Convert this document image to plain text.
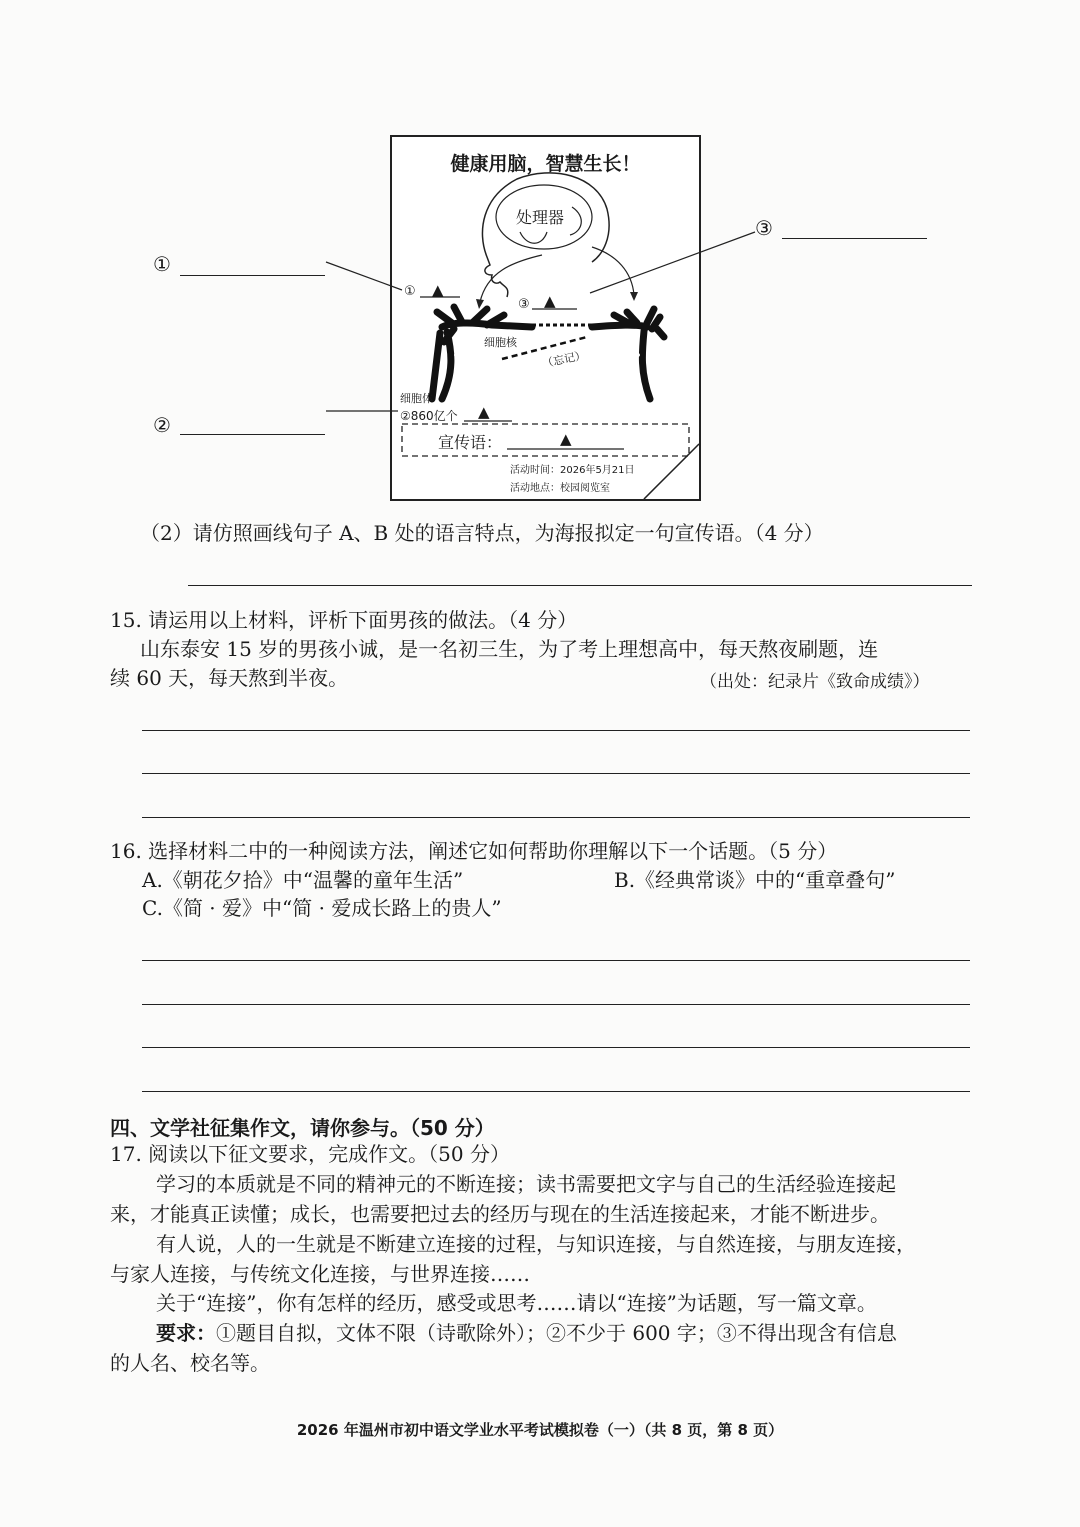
健康用脑，智慧生长！
处理器
① ▲
③ ▲
细胞核
（忘记）
细胞体
②860亿个 ▲
宣传语：	▲
活动时间：2026年5月21日
活动地点：校园阅览室
①
②
③
（2）请仿照画线句子 A、B 处的语言特点，为海报拟定一句宣传语。（4 分）
15. 请运用以上材料，评析下面男孩的做法。（4 分）
山东泰安 15 岁的男孩小诚，是一名初三生，为了考上理想高中，每天熬夜刷题，连
续 60 天，每天熬到半夜。	（出处：纪录片《致命成绩》）
16. 选择材料二中的一种阅读方法，阐述它如何帮助你理解以下一个话题。（5 分）
A.《朝花夕拾》中“温馨的童年生活”	B.《经典常谈》中的“重章叠句”
C.《简 · 爱》中“简 · 爱成长路上的贵人”
四、文学社征集作文，请你参与。（50 分）
17. 阅读以下征文要求，完成作文。（50 分）
学习的本质就是不同的精神元的不断连接；读书需要把文字与自己的生活经验连接起
来，才能真正读懂；成长，也需要把过去的经历与现在的生活连接起来，才能不断进步。
有人说，人的一生就是不断建立连接的过程，与知识连接，与自然连接，与朋友连接，
与家人连接，与传统文化连接，与世界连接……
关于“连接”，你有怎样的经历，感受或思考……请以“连接”为话题，写一篇文章。
要求：①题目自拟，文体不限（诗歌除外）；②不少于 600 字；③不得出现含有信息
的人名、校名等。
2026 年温州市初中语文学业水平考试模拟卷（一）（共 8 页，第 8 页）
